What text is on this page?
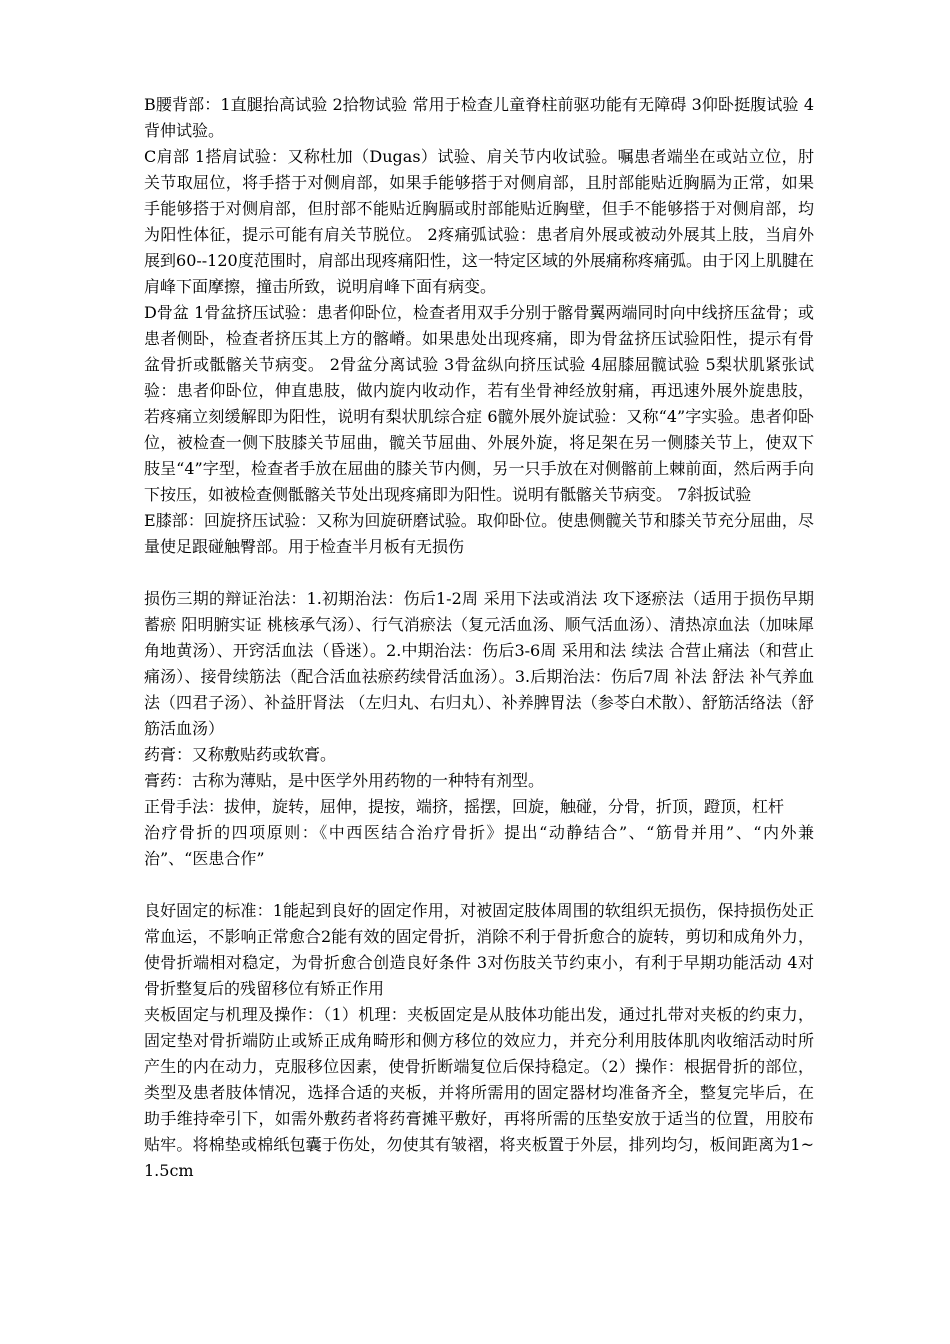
B腰背部：1直腿抬高试验 2拾物试验 常用于检查儿童脊柱前驱功能有无障碍 3仰卧挺腹试验 4背伸试验。

C肩部 1搭肩试验：又称杜加（Dugas）试验、肩关节内收试验。嘱患者端坐在或站立位，肘关节取屈位，将手搭于对侧肩部，如果手能够搭于对侧肩部，且肘部能贴近胸膈为正常，如果手能够搭于对侧肩部，但肘部不能贴近胸膈或肘部能贴近胸壁，但手不能够搭于对侧肩部，均为阳性体征，提示可能有肩关节脱位。 2疼痛弧试验：患者肩外展或被动外展其上肢，当肩外展到60--120度范围时，肩部出现疼痛阳性，这一特定区域的外展痛称疼痛弧。由于冈上肌腱在肩峰下面摩擦，撞击所致，说明肩峰下面有病变。

D骨盆 1骨盆挤压试验：患者仰卧位，检查者用双手分别于髂骨翼两端同时向中线挤压盆骨；或患者侧卧，检查者挤压其上方的髂嵴。如果患处出现疼痛，即为骨盆挤压试验阳性，提示有骨盆骨折或骶髂关节病变。 2骨盆分离试验 3骨盆纵向挤压试验 4屈膝屈髋试验 5梨状肌紧张试验：患者仰卧位，伸直患肢，做内旋内收动作，若有坐骨神经放射痛，再迅速外展外旋患肢，若疼痛立刻缓解即为阳性，说明有梨状肌综合症 6髋外展外旋试验：又称“4”字实验。患者仰卧位，被检查一侧下肢膝关节屈曲，髋关节屈曲、外展外旋，将足架在另一侧膝关节上，使双下肢呈“4”字型，检查者手放在屈曲的膝关节内侧，另一只手放在对侧髂前上棘前面，然后两手向下按压，如被检查侧骶髂关节处出现疼痛即为阳性。说明有骶髂关节病变。 7斜扳试验

E膝部：回旋挤压试验：又称为回旋研磨试验。取仰卧位。使患侧髋关节和膝关节充分屈曲，尽量使足跟碰触臀部。用于检查半月板有无损伤

损伤三期的辩证治法：1.初期治法：伤后1-2周 采用下法或消法 攻下逐瘀法（适用于损伤早期蓄瘀 阳明腑实证 桃核承气汤）、行气消瘀法（复元活血汤、顺气活血汤）、清热凉血法（加味犀角地黄汤）、开窍活血法（昏迷）。2.中期治法：伤后3-6周 采用和法 续法 合营止痛法（和营止痛汤）、接骨续筋法（配合活血祛瘀药续骨活血汤）。3.后期治法：伤后7周 补法 舒法 补气养血法（四君子汤）、补益肝肾法 （左归丸、右归丸）、补养脾胃法（参苓白术散）、舒筋活络法（舒筋活血汤）

药膏：又称敷贴药或软膏。

膏药：古称为薄贴，是中医学外用药物的一种特有剂型。

正骨手法：拔伸，旋转，屈伸，提按，端挤，摇摆，回旋，触碰，分骨，折顶，蹬顶，杠杆

治疗骨折的四项原则：《中西医结合治疗骨折》提出“动静结合”、“筋骨并用”、“内外兼治”、“医患合作”

良好固定的标准：1能起到良好的固定作用，对被固定肢体周围的软组织无损伤，保持损伤处正常血运，不影响正常愈合2能有效的固定骨折，消除不利于骨折愈合的旋转，剪切和成角外力，使骨折端相对稳定，为骨折愈合创造良好条件 3对伤肢关节约束小，有利于早期功能活动 4对骨折整复后的残留移位有矫正作用

夹板固定与机理及操作：（1）机理：夹板固定是从肢体功能出发，通过扎带对夹板的约束力，固定垫对骨折端防止或矫正成角畸形和侧方移位的效应力，并充分利用肢体肌肉收缩活动时所产生的内在动力，克服移位因素，使骨折断端复位后保持稳定。（2）操作：根据骨折的部位，类型及患者肢体情况，选择合适的夹板，并将所需用的固定器材均准备齐全，整复完毕后，在助手维持牵引下，如需外敷药者将药膏摊平敷好，再将所需的压垫安放于适当的位置，用胶布贴牢。将棉垫或棉纸包囊于伤处，勿使其有皱褶，将夹板置于外层，排列均匀，板间距离为1~1.5cm
